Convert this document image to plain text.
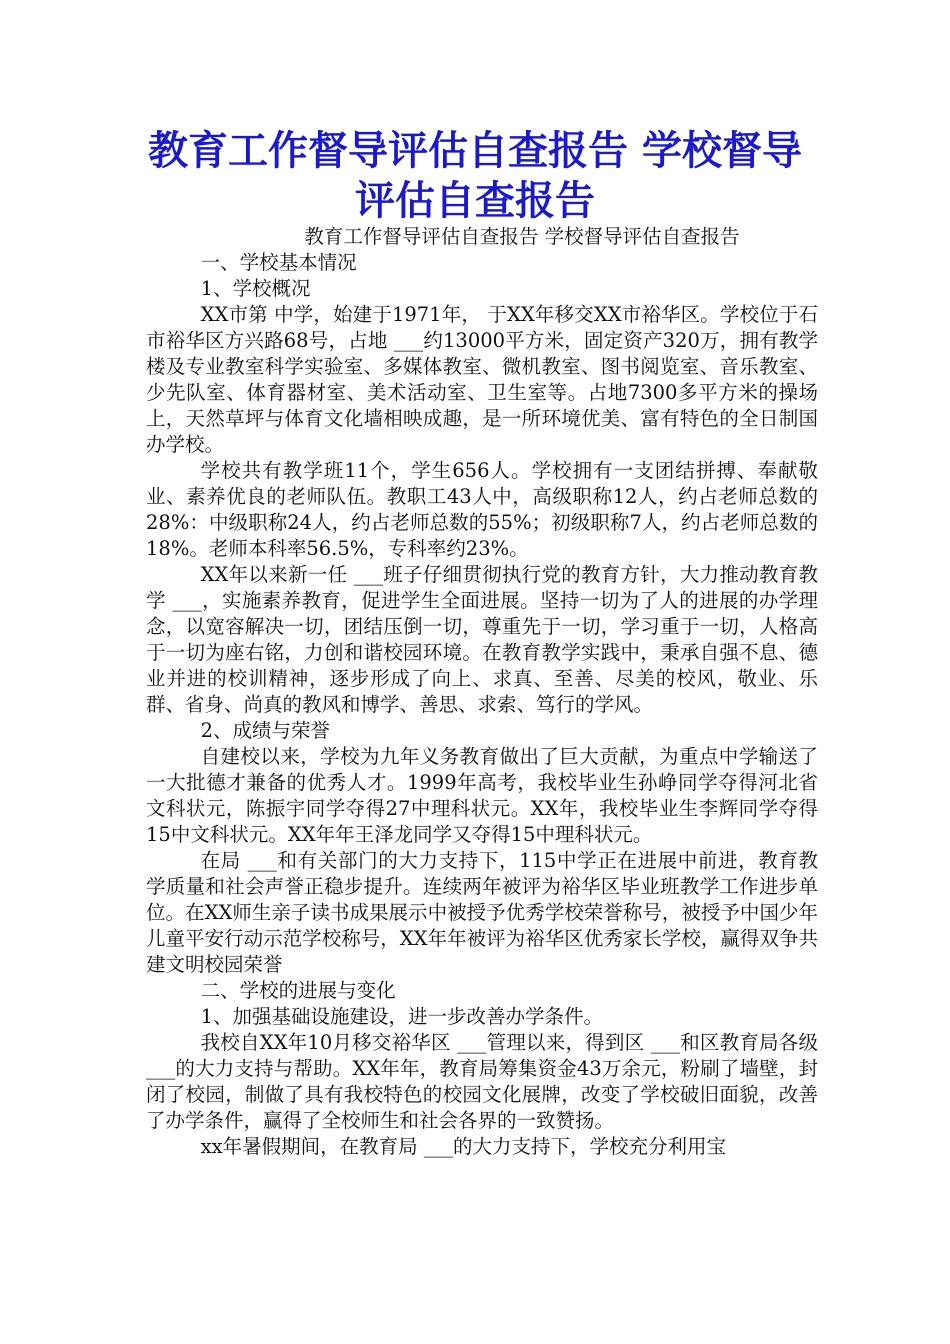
教育工作督导评估自查报告 学校督导评估自查报告

教育工作督导评估自查报告 学校督导评估自查报告

一、学校基本情况

1、学校概况

XX市第 中学，始建于1971年， 于XX年移交XX市裕华区。学校位于石市裕华区方兴路68号，占地 ___约13000平方米，固定资产320万，拥有教学楼及专业教室科学实验室、多媒体教室、微机教室、图书阅览室、音乐教室、少先队室、体育器材室、美术活动室、卫生室等。占地7300多平方米的操场上，天然草坪与体育文化墙相映成趣，是一所环境优美、富有特色的全日制国办学校。

学校共有教学班11个，学生656人。学校拥有一支团结拼搏、奉献敬业、素养优良的老师队伍。教职工43人中，高级职称12人，约占老师总数的28%：中级职称24人，约占老师总数的55%；初级职称7人，约占老师总数的18%。老师本科率56.5%，专科率约23%。

XX年以来新一任 ___班子仔细贯彻执行党的教育方针，大力推动教育教学 ___，实施素养教育，促进学生全面进展。坚持一切为了人的进展的办学理念，以宽容解决一切，团结压倒一切，尊重先于一切，学习重于一切，人格高于一切为座右铭，力创和谐校园环境。在教育教学实践中，秉承自强不息、德业并进的校训精神，逐步形成了向上、求真、至善、尽美的校风，敬业、乐群、省身、尚真的教风和博学、善思、求索、笃行的学风。

2、成绩与荣誉

自建校以来，学校为九年义务教育做出了巨大贡献，为重点中学输送了一大批德才兼备的优秀人才。1999年高考，我校毕业生孙峥同学夺得河北省文科状元，陈振宇同学夺得27中理科状元。XX年，我校毕业生李辉同学夺得15中文科状元。XX年年王泽龙同学又夺得15中理科状元。

在局 ___和有关部门的大力支持下，115中学正在进展中前进，教育教学质量和社会声誉正稳步提升。连续两年被评为裕华区毕业班教学工作进步单位。在XX师生亲子读书成果展示中被授予优秀学校荣誉称号，被授予中国少年儿童平安行动示范学校称号，XX年年被评为裕华区优秀家长学校，赢得双争共建文明校园荣誉

二、学校的进展与变化

1、加强基础设施建设，进一步改善办学条件。

我校自XX年10月移交裕华区 ___管理以来，得到区 ___和区教育局各级 ___的大力支持与帮助。XX年年，教育局筹集资金43万余元，粉刷了墙壁，封闭了校园，制做了具有我校特色的校园文化展牌，改变了学校破旧面貌，改善了办学条件，赢得了全校师生和社会各界的一致赞扬。

xx年暑假期间，在教育局 ___的大力支持下，学校充分利用宝
